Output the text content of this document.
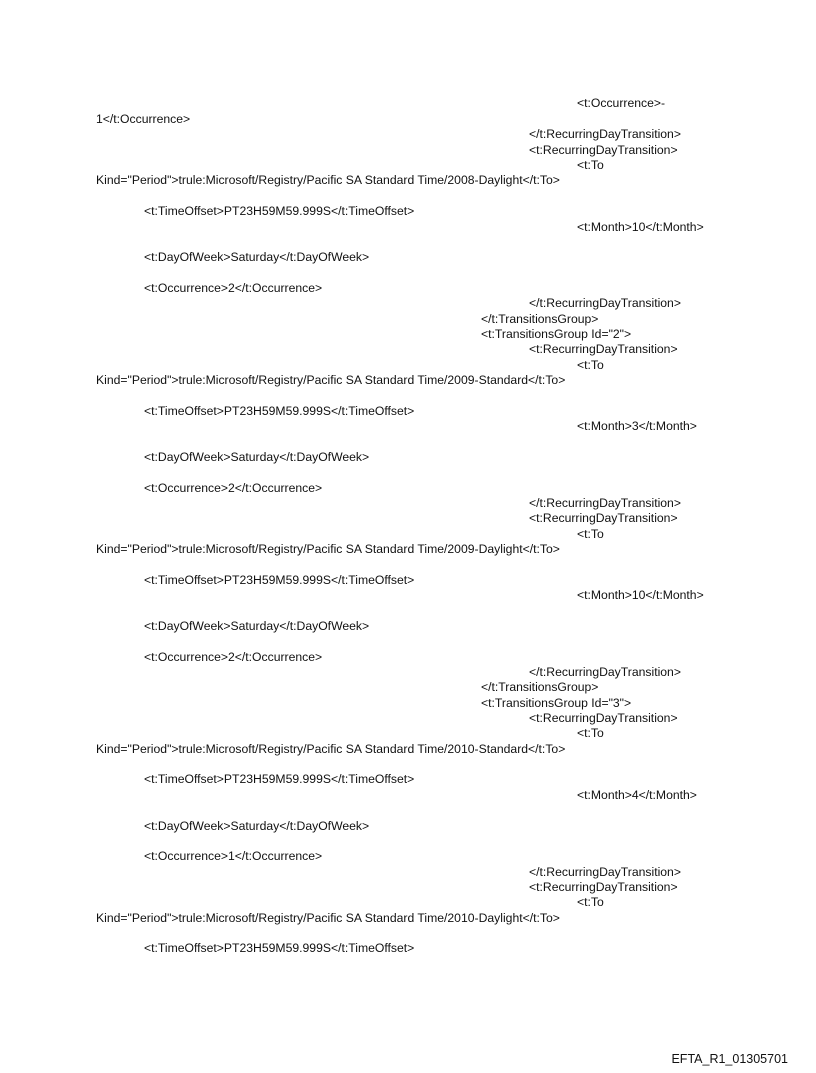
<t:Occurrence>-

1</t:Occurrence>

</t:RecurringDayTransition>

<t:RecurringDayTransition>

<t:To

Kind="Period">trule:Microsoft/Registry/Pacific SA Standard Time/2008-Daylight</t:To>

<t:TimeOffset>PT23H59M59.999S</t:TimeOffset>

<t:Month>10</t:Month>

<t:DayOfWeek>Saturday</t:DayOfWeek>

<t:Occurrence>2</t:Occurrence>

</t:RecurringDayTransition>

</t:TransitionsGroup>

<t:TransitionsGroup Id="2">

<t:RecurringDayTransition>

<t:To

Kind="Period">trule:Microsoft/Registry/Pacific SA Standard Time/2009-Standard</t:To>

<t:TimeOffset>PT23H59M59.999S</t:TimeOffset>

<t:Month>3</t:Month>

<t:DayOfWeek>Saturday</t:DayOfWeek>

<t:Occurrence>2</t:Occurrence>

</t:RecurringDayTransition>

<t:RecurringDayTransition>

<t:To

Kind="Period">trule:Microsoft/Registry/Pacific SA Standard Time/2009-Daylight</t:To>

<t:TimeOffset>PT23H59M59.999S</t:TimeOffset>

<t:Month>10</t:Month>

<t:DayOfWeek>Saturday</t:DayOfWeek>

<t:Occurrence>2</t:Occurrence>

</t:RecurringDayTransition>

</t:TransitionsGroup>

<t:TransitionsGroup Id="3">

<t:RecurringDayTransition>

<t:To

Kind="Period">trule:Microsoft/Registry/Pacific SA Standard Time/2010-Standard</t:To>

<t:TimeOffset>PT23H59M59.999S</t:TimeOffset>

<t:Month>4</t:Month>

<t:DayOfWeek>Saturday</t:DayOfWeek>

<t:Occurrence>1</t:Occurrence>

</t:RecurringDayTransition>

<t:RecurringDayTransition>

<t:To

Kind="Period">trule:Microsoft/Registry/Pacific SA Standard Time/2010-Daylight</t:To>

<t:TimeOffset>PT23H59M59.999S</t:TimeOffset>

EFTA_R1_01305701
